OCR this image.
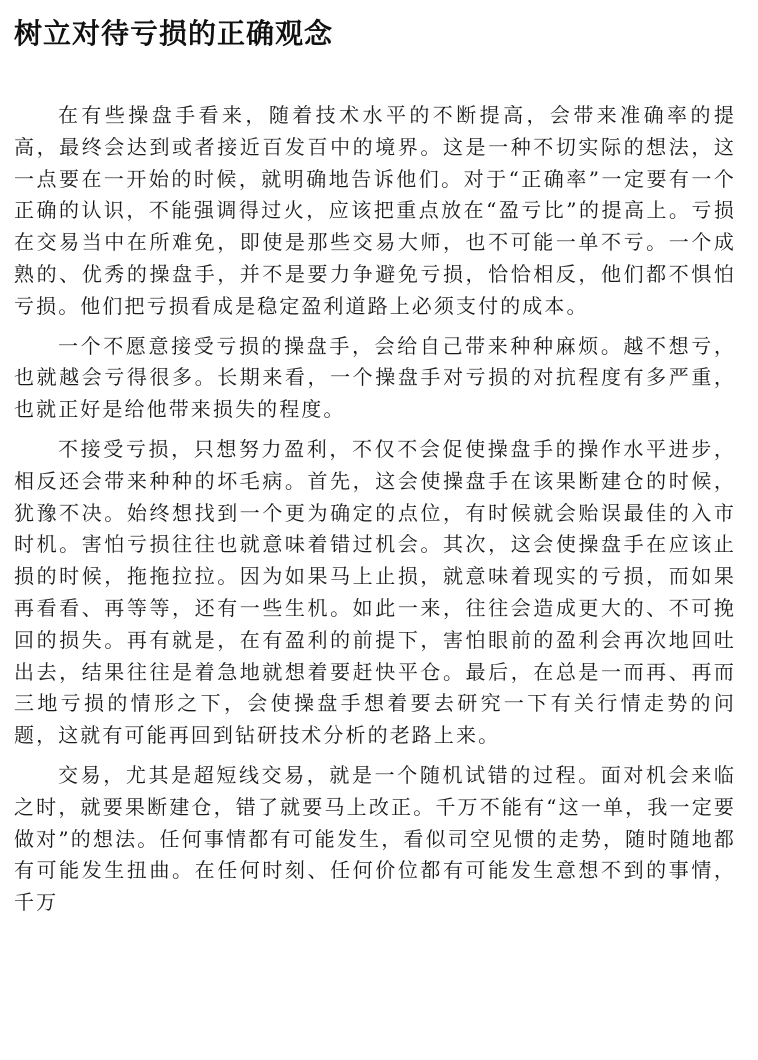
树立对待亏损的正确观念

在有些操盘手看来，随着技术水平的不断提高，会带来准确率的提高，最终会达到或者接近百发百中的境界。这是一种不切实际的想法，这一点要在一开始的时候，就明确地告诉他们。对于“正确率”一定要有一个正确的认识，不能强调得过火，应该把重点放在“盈亏比”的提高上。亏损在交易当中在所难免，即使是那些交易大师，也不可能一单不亏。一个成熟的、优秀的操盘手，并不是要力争避免亏损，恰恰相反，他们都不惧怕亏损。他们把亏损看成是稳定盈利道路上必须支付的成本。

一个不愿意接受亏损的操盘手，会给自己带来种种麻烦。越不想亏，也就越会亏得很多。长期来看，一个操盘手对亏损的对抗程度有多严重，也就正好是给他带来损失的程度。

不接受亏损，只想努力盈利，不仅不会促使操盘手的操作水平进步，相反还会带来种种的坏毛病。首先，这会使操盘手在该果断建仓的时候，犹豫不决。始终想找到一个更为确定的点位，有时候就会贻误最佳的入市时机。害怕亏损往往也就意味着错过机会。其次，这会使操盘手在应该止损的时候，拖拖拉拉。因为如果马上止损，就意味着现实的亏损，而如果再看看、再等等，还有一些生机。如此一来，往往会造成更大的、不可挽回的损失。再有就是，在有盈利的前提下，害怕眼前的盈利会再次地回吐出去，结果往往是着急地就想着要赶快平仓。最后，在总是一而再、再而三地亏损的情形之下，会使操盘手想着要去研究一下有关行情走势的问题，这就有可能再回到钻研技术分析的老路上来。

交易，尤其是超短线交易，就是一个随机试错的过程。面对机会来临之时，就要果断建仓，错了就要马上改正。千万不能有“这一单，我一定要做对”的想法。任何事情都有可能发生，看似司空见惯的走势，随时随地都有可能发生扭曲。在任何时刻、任何价位都有可能发生意想不到的事情，千万
